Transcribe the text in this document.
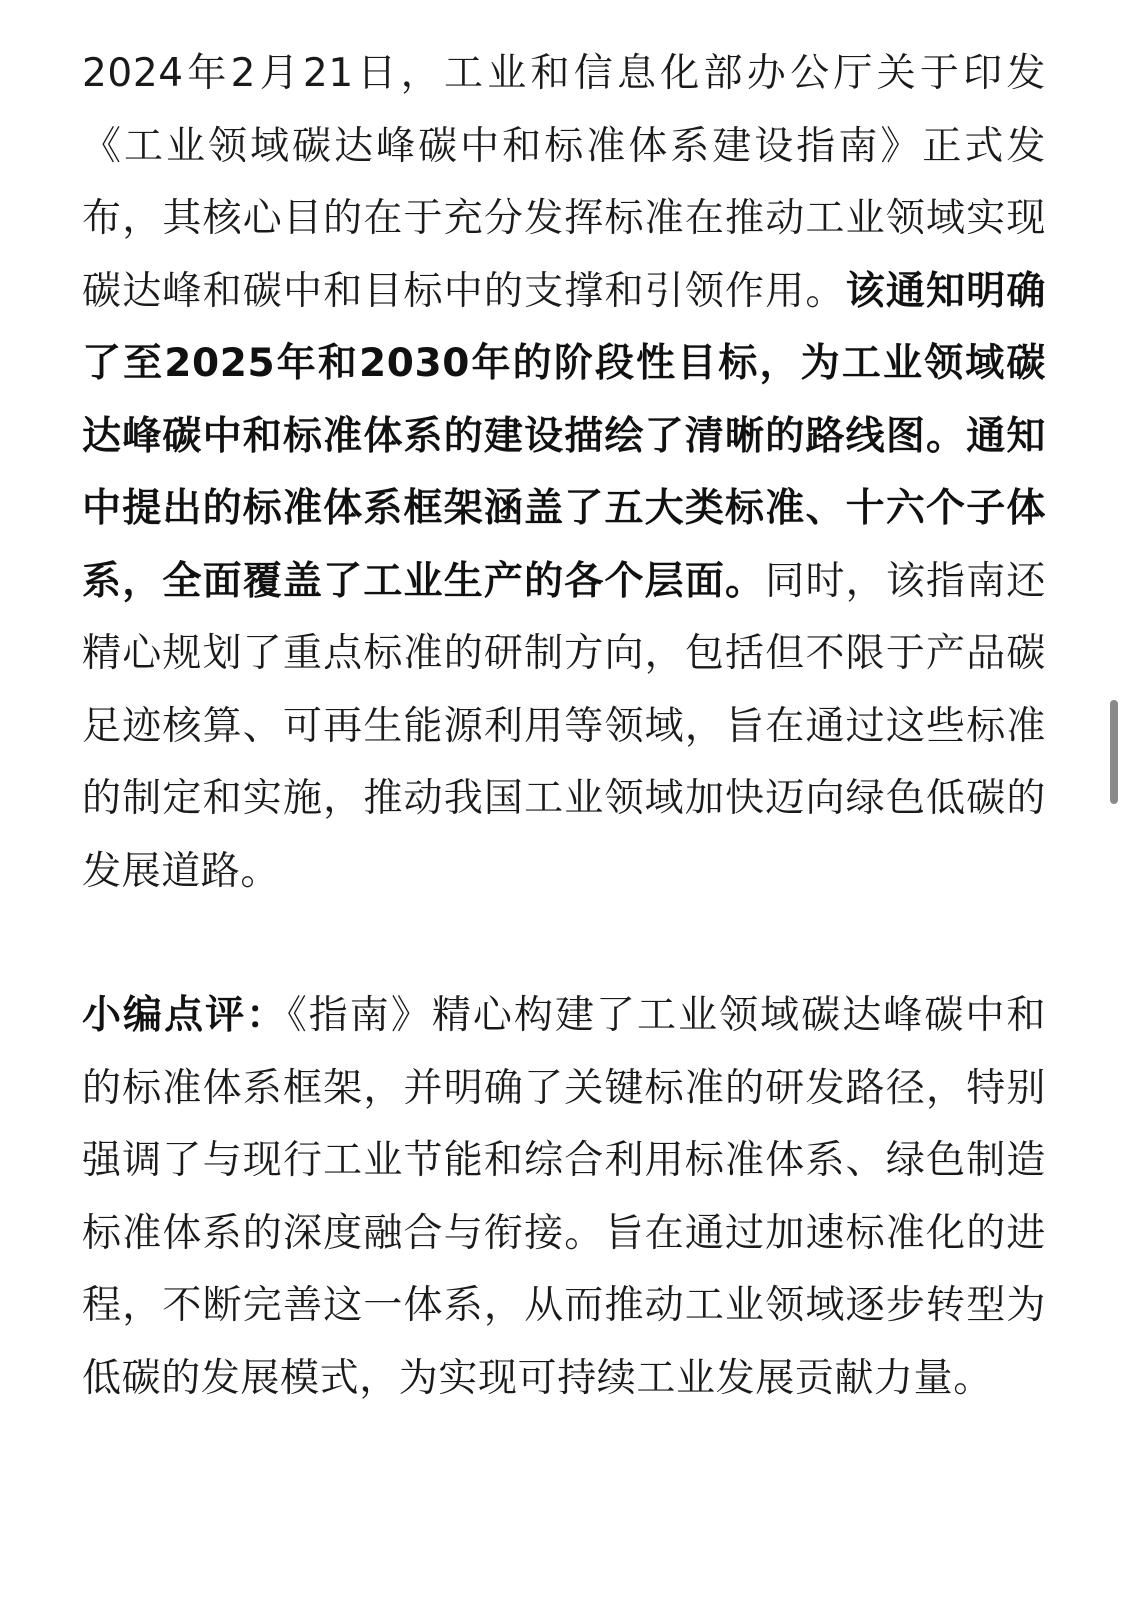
2024年2月21日，工业和信息化部办公厅关于印发《工业领域碳达峰碳中和标准体系建设指南》正式发布，其核心目的在于充分发挥标准在推动工业领域实现碳达峰和碳中和目标中的支撑和引领作用。该通知明确了至2025年和2030年的阶段性目标，为工业领域碳达峰碳中和标准体系的建设描绘了清晰的路线图。通知中提出的标准体系框架涵盖了五大类标准、十六个子体系，全面覆盖了工业生产的各个层面。同时，该指南还精心规划了重点标准的研制方向，包括但不限于产品碳足迹核算、可再生能源利用等领域，旨在通过这些标准的制定和实施，推动我国工业领域加快迈向绿色低碳的发展道路。

小编点评：《指南》精心构建了工业领域碳达峰碳中和的标准体系框架，并明确了关键标准的研发路径，特别强调了与现行工业节能和综合利用标准体系、绿色制造标准体系的深度融合与衔接。旨在通过加速标准化的进程，不断完善这一体系，从而推动工业领域逐步转型为低碳的发展模式，为实现可持续工业发展贡献力量。
